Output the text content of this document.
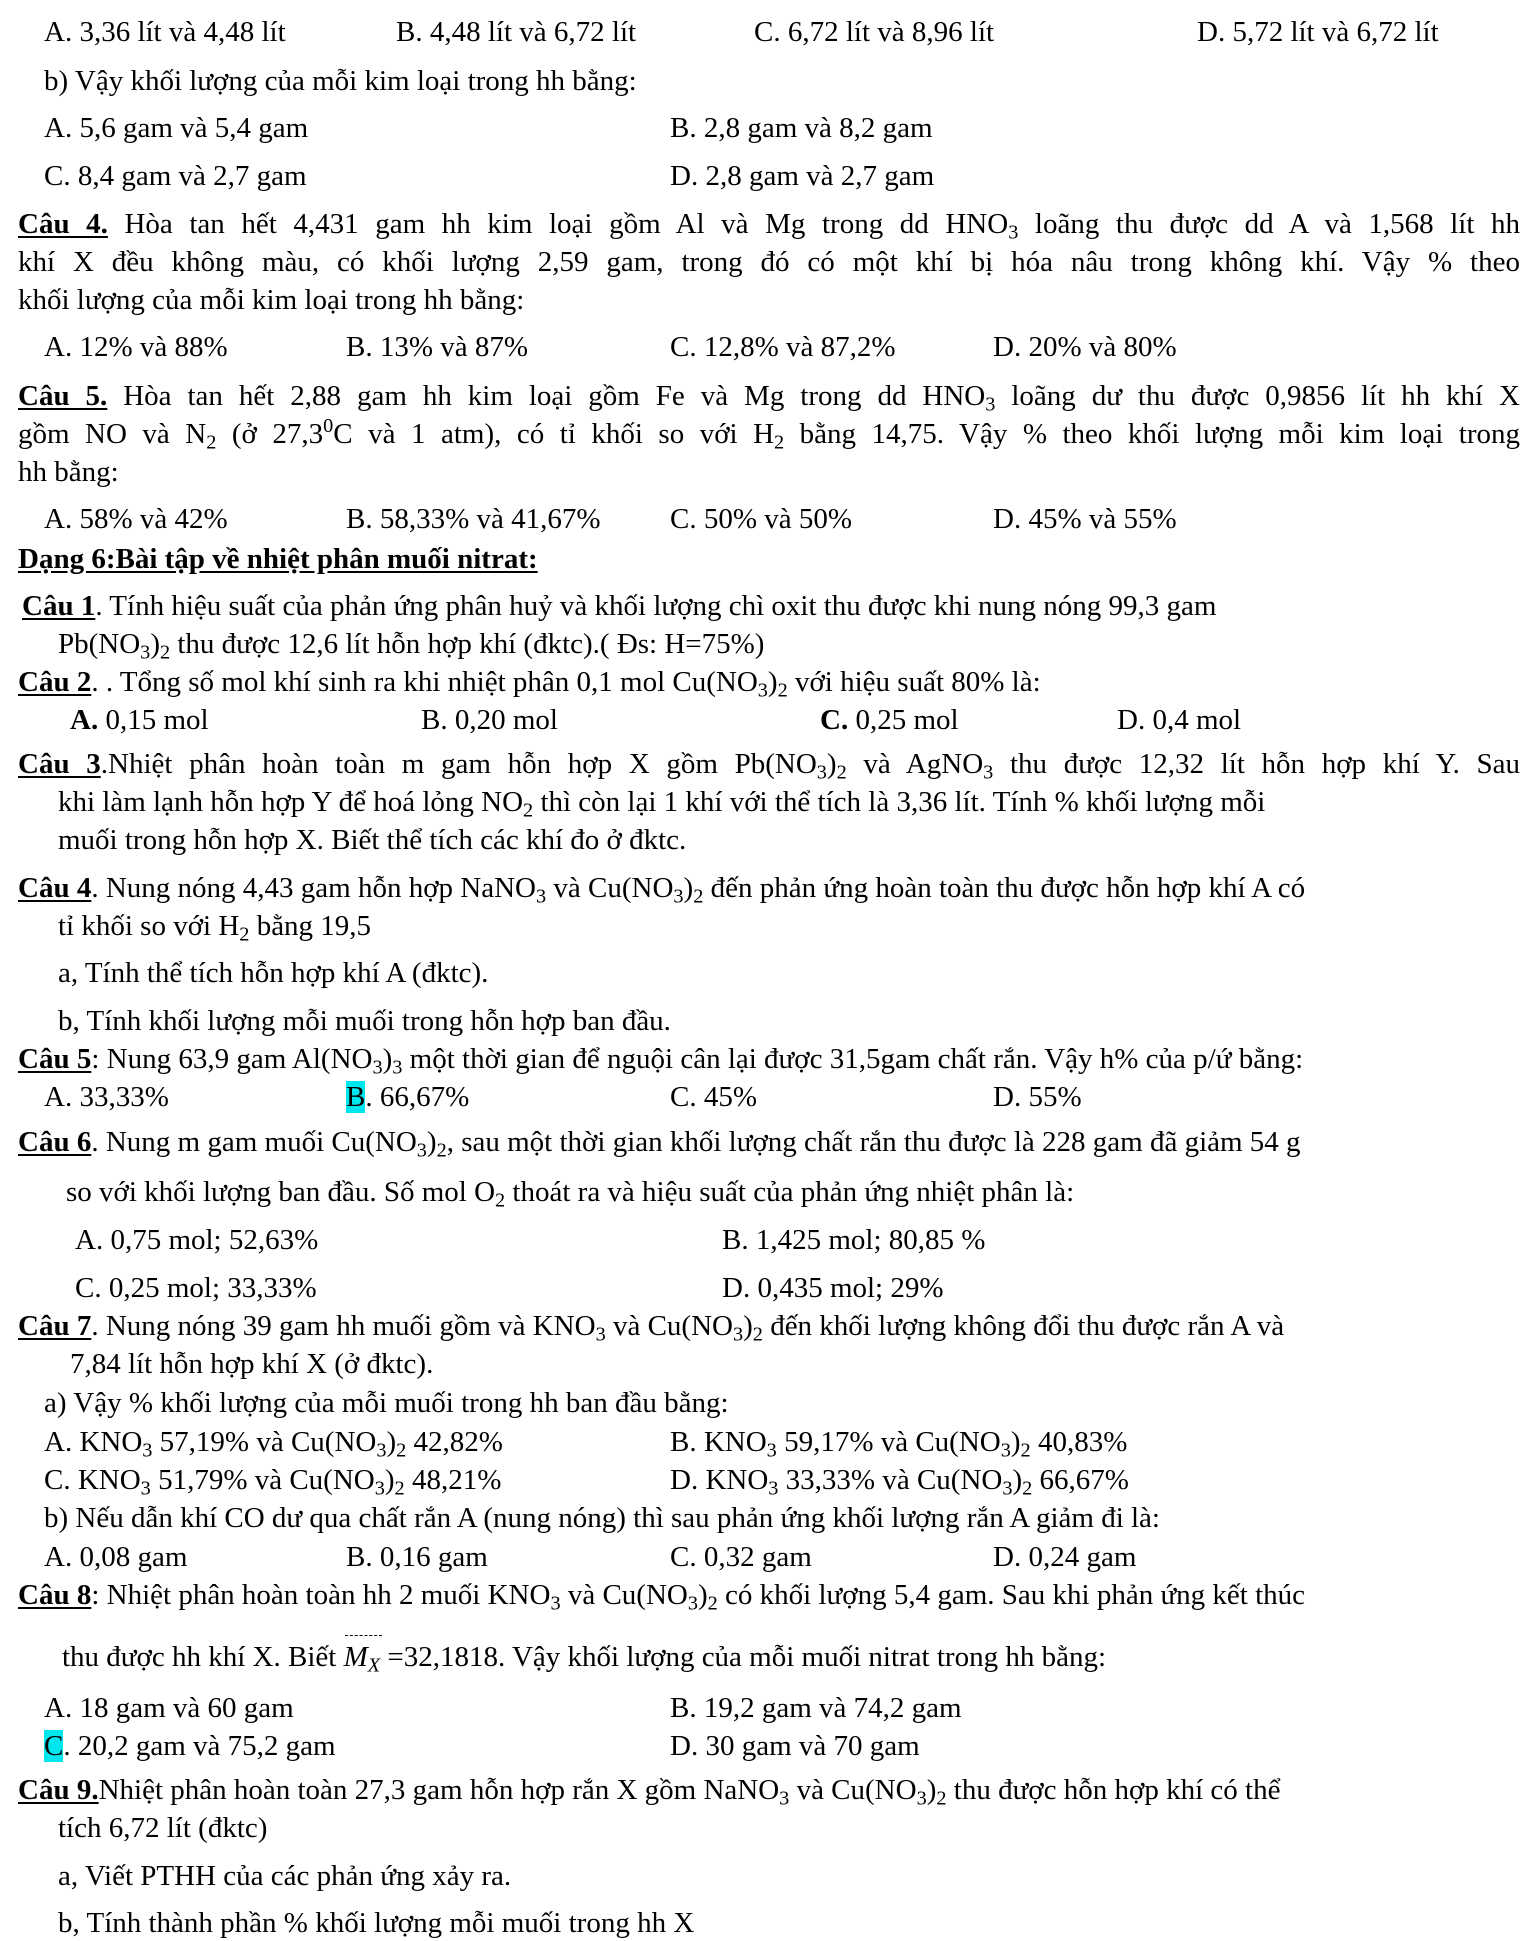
A. 3,36 lít và 4,48 lít	B. 4,48 lít và 6,72 lít	C. 6,72 lít và 8,96 lít	D. 5,72 lít và 6,72 lít
b) Vậy khối lượng của mỗi kim loại trong hh bằng:
A. 5,6 gam và 5,4 gam	B. 2,8 gam và 8,2 gam
C. 8,4 gam và 2,7 gam	D. 2,8 gam và 2,7 gam
Câu 4. Hòa tan hết 4,431 gam hh kim loại gồm Al và Mg trong dd $HNO_3$ loãng thu được dd A và 1,568 lít hh
khí X đều không màu, có khối lượng 2,59 gam, trong đó có một khí bị hóa nâu trong không khí. Vậy % theo
khối lượng của mỗi kim loại trong hh bằng:
A. 12% và 88%	B. 13% và 87%	C. 12,8% và 87,2%	D. 20% và 80%
Câu 5. Hòa tan hết 2,88 gam hh kim loại gồm Fe và Mg trong dd $HNO_3$ loãng dư thu được 0,9856 lít hh khí X
gồm NO và $N_2$ (ở 27,3$^0$C và 1 atm), có tỉ khối so với $H_2$ bằng 14,75. Vậy % theo khối lượng mỗi kim loại trong
hh bằng:
A. 58% và 42%	B. 58,33% và 41,67% C. 50% và 50%	D. 45% và 55%
Dạng 6:Bài tập về nhiệt phân muối nitrat:
Câu 1. Tính hiệu suất của phản ứng phân huỷ và khối lượng chì oxit thu được khi nung nóng 99,3 gam
$Pb(NO_3)_2$ thu được 12,6 lít hỗn hợp khí (đktc).( Đs: H=75%)
Câu 2. . Tổng số mol khí sinh ra khi nhiệt phân 0,1 mol $Cu(NO_3)_2$ với hiệu suất 80% là:
A. 0,15 mol	B. 0,20 mol	C. 0,25 mol	D. 0,4 mol
Câu 3.Nhiệt phân hoàn toàn m gam hỗn hợp X gồm $Pb(NO_3)_2$ và AgNO$_3$ thu được 12,32 lít hỗn hợp khí Y. Sau
khi làm lạnh hỗn hợp Y để hoá lỏng $NO_2$ thì còn lại 1 khí với thể tích là 3,36 lít. Tính % khối lượng mỗi
muối trong hỗn hợp X. Biết thể tích các khí đo ở đktc.
Câu 4. Nung nóng 4,43 gam hỗn hợp NaNO$_3$ và $Cu(NO_3)_2$ đến phản ứng hoàn toàn thu được hỗn hợp khí A có
tỉ khối so với $H_2$ bằng 19,5
a, Tính thể tích hỗn hợp khí A (đktc).
b, Tính khối lượng mỗi muối trong hỗn hợp ban đầu.
Câu 5: Nung 63,9 gam $Al(NO_3)_3$ một thời gian để nguội cân lại được 31,5gam chất rắn. Vậy h% của p/ứ bằng:
A. 33,33%	B. 66,67%	C. 45%	D. 55%
Câu 6. Nung m gam muối $Cu(NO_3)_2$, sau một thời gian khối lượng chất rắn thu được là 228 gam đã giảm 54 g
so với khối lượng ban đầu. Số mol $O_2$ thoát ra và hiệu suất của phản ứng nhiệt phân là:
A. 0,75 mol; 52,63%	B. 1,425 mol; 80,85 %
C. 0,25 mol; 33,33%	D. 0,435 mol; 29%
Câu 7. Nung nóng 39 gam hh muối gồm và $KNO_3$ và $Cu(NO_3)_2$ đến khối lượng không đổi thu được rắn A và
7,84 lít hỗn hợp khí X (ở đktc).
a) Vậy % khối lượng của mỗi muối trong hh ban đầu bằng:
A. $KNO_3$ 57,19% và $Cu(NO_3)_2$ 42,82%	B. $KNO_3$ 59,17% và $Cu(NO_3)_2$ 40,83%
C. $KNO_3$ 51,79% và $Cu(NO_3)_2$ 48,21%	D. $KNO_3$ 33,33% và $Cu(NO_3)_2$ 66,67%
b) Nếu dẫn khí CO dư qua chất rắn A (nung nóng) thì sau phản ứng khối lượng rắn A giảm đi là:
A. 0,08 gam	B. 0,16 gam	C. 0,32 gam	D. 0,24 gam
Câu 8: Nhiệt phân hoàn toàn hh 2 muối $KNO_3$ và $Cu(NO_3)_2$ có khối lượng 5,4 gam. Sau khi phản ứng kết thúc
thu được hh khí X. Biết $M_X =32,1818$. Vậy khối lượng của mỗi muối nitrat trong hh bằng:
A. 18 gam và 60 gam	B. 19,2 gam và 74,2 gam
C. 20,2 gam và 75,2 gam	D. 30 gam và 70 gam
Câu 9.Nhiệt phân hoàn toàn 27,3 gam hỗn hợp rắn X gồm NaNO$_3$ và $Cu(NO_3)_2$ thu được hỗn hợp khí có thể
tích 6,72 lít (đktc)
a, Viết PTHH của các phản ứng xảy ra.
b, Tính thành phần % khối lượng mỗi muối trong hh X
